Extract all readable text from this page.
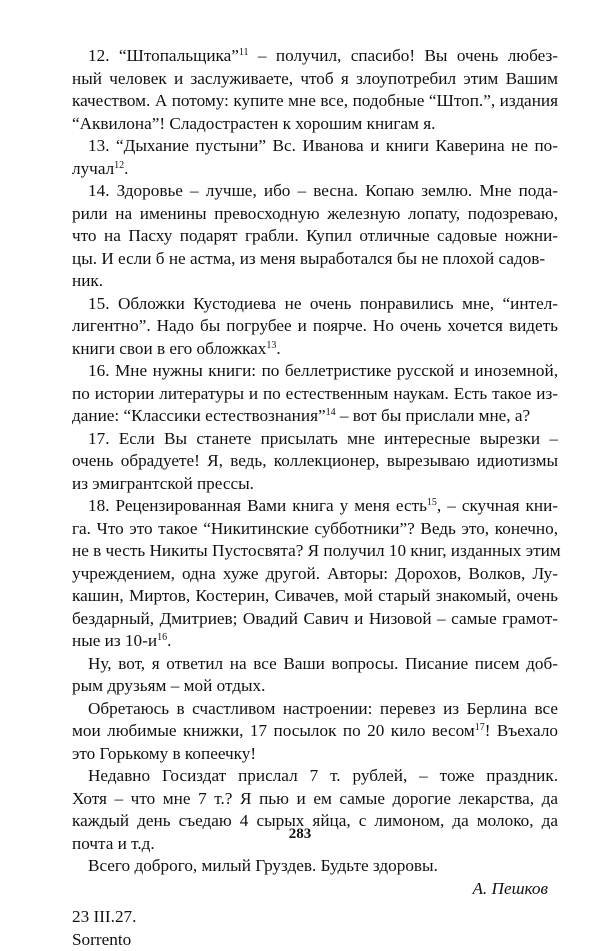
12. “Штопальщика”$^{11}$ – получил, спасибо! Вы очень любез-
ный человек и заслуживаете, чтоб я злоупотребил этим Вашим
качеством. А потому: купите мне все, подобные “Штоп.”, издания
“Аквилона”! Сладострастен к хорошим книгам я.
13. “Дыхание пустыни” Вс. Иванова и книги Каверина не по-
лучал$^{12}$.
14. Здоровье – лучше, ибо – весна. Копаю землю. Мне пода-
рили на именины превосходную железную лопату, подозреваю,
что на Пасху подарят грабли. Купил отличные садовые ножни-
цы. И если б не астма, из меня выработался бы не плохой садов-
ник.
15. Обложки Кустодиева не очень понравились мне, “интел-
лигентно”. Надо бы погрубее и поярче. Но очень хочется видеть
книги свои в его обложках$^{13}$.
16. Мне нужны книги: по беллетристике русской и иноземной,
по истории литературы и по естественным наукам. Есть такое из-
дание: “Классики естествознания”$^{14}$ – вот бы прислали мне, а?
17. Если Вы станете присылать мне интересные вырезки –
очень обрадуете! Я, ведь, коллекционер, вырезываю идиотизмы
из эмигрантской прессы.
18. Рецензированная Вами книга у меня есть$^{15}$, – скучная кни-
га. Что это такое “Никитинские субботники”? Ведь это, конечно,
не в честь Никиты Пустосвята? Я получил 10 книг, изданных этим
учреждением, одна хуже другой. Авторы: Дорохов, Волков, Лу-
кашин, Миртов, Костерин, Сивачев, мой старый знакомый, очень
бездарный, Дмитриев; Овадий Савич и Низовой – самые грамот-
ные из $10-и^{16}$.
Ну, вот, я ответил на все Ваши вопросы. Писание писем доб-
рым друзьям – мой отдых.
Обретаюсь в счастливом настроении: перевез из Берлина все
мои любимые книжки, 17 посылок по 20 кило весом$^{17}$! Въехало
это Горькому в копеечку!
Недавно Госиздат прислал 7 т. рублей, – тоже праздник.
Хотя – что мне 7 т.? Я пью и ем самые дорогие лекарства, да
каждый день съедаю 4 сырых яйца, с лимоном, да молоко, да
почта и т.д.
Всего доброго, милый Груздев. Будьте здоровы.
А. Пешков
23 III.27.
Sorrento
283
